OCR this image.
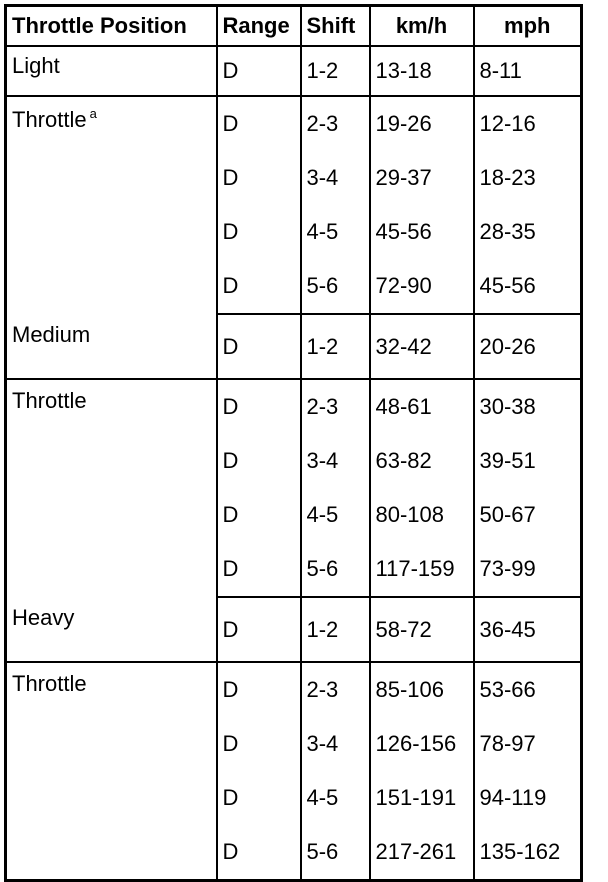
Throttle Position	Range	Shift	km/h	mph
Light	D	1-2	13-18	8-11
Throttle $^a$	D	2-3	19-26	12-16
	D	3-4	29-37	18-23
	D	4-5	45-56	28-35
	D	5-6	72-90	45-56
Medium	D	1-2	32-42	20-26
Throttle	D	2-3	48-61	30-38
	D	3-4	63-82	39-51
	D	4-5	80-108	50-67
	D	5-6	117-159	73-99
Heavy	D	1-2	58-72	36-45
Throttle	D	2-3	85-106	53-66
	D	3-4	126-156	78-97
	D	4-5	151-191	94-119
	D	5-6	217-261	135-162
